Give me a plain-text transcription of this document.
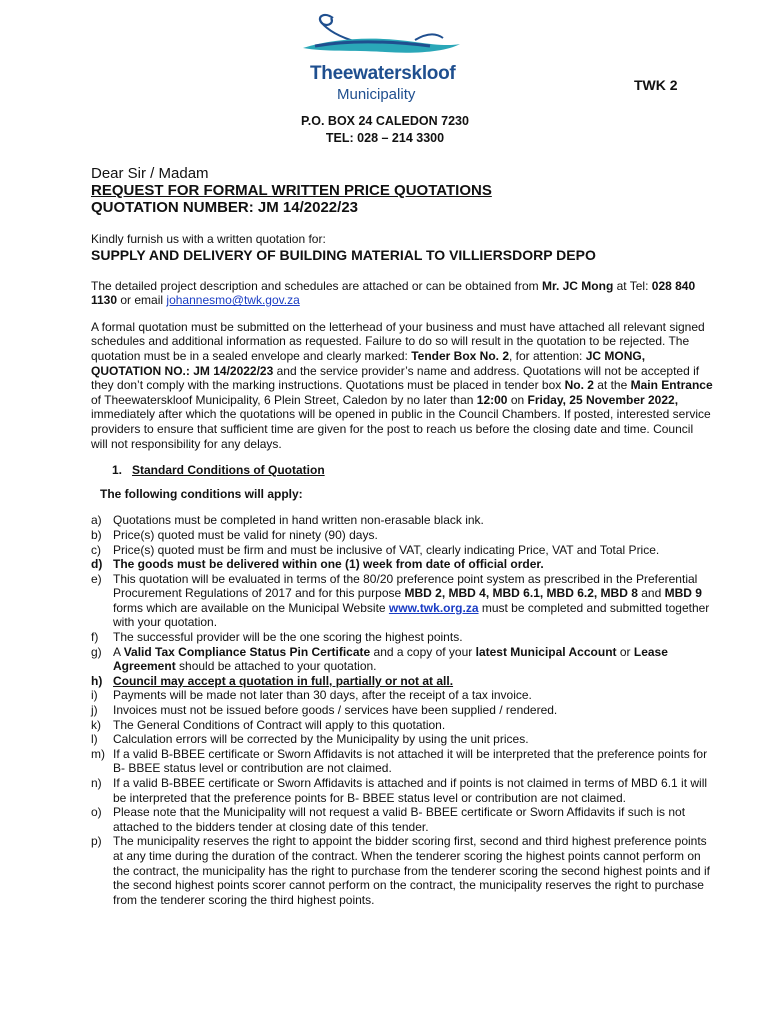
Theewaterskloof
Municipality
TWK 2
P.O. BOX 24 CALEDON 7230
TEL: 028 – 214 3300

Dear Sir / Madam

REQUEST FOR FORMAL WRITTEN PRICE QUOTATIONS

QUOTATION NUMBER: JM 14/2022/23

Kindly furnish us with a written quotation for:

SUPPLY AND DELIVERY OF BUILDING MATERIAL TO VILLIERSDORP DEPO

The detailed project description and schedules are attached or can be obtained from Mr. JC Mong at Tel: 028 840 1130 or email johannesmo@twk.gov.za

A formal quotation must be submitted on the letterhead of your business and must have attached all relevant signed schedules and additional information as requested. Failure to do so will result in the quotation to be rejected. The quotation must be in a sealed envelope and clearly marked: Tender Box No. 2, for attention: JC MONG, QUOTATION NO.: JM 14/2022/23 and the service provider’s name and address. Quotations will not be accepted if they don’t comply with the marking instructions. Quotations must be placed in tender box No. 2 at the Main Entrance of Theewaterskloof Municipality, 6 Plein Street, Caledon by no later than 12:00 on Friday, 25 November 2022, immediately after which the quotations will be opened in public in the Council Chambers. If posted, interested service providers to ensure that sufficient time are given for the post to reach us before the closing date and time. Council will not responsibility for any delays.

1. Standard Conditions of Quotation

The following conditions will apply:

a) Quotations must be completed in hand written non-erasable black ink.
b) Price(s) quoted must be valid for ninety (90) days.
c) Price(s) quoted must be firm and must be inclusive of VAT, clearly indicating Price, VAT and Total Price.
d) The goods must be delivered within one (1) week from date of official order.
e) This quotation will be evaluated in terms of the 80/20 preference point system as prescribed in the Preferential Procurement Regulations of 2017 and for this purpose MBD 2, MBD 4, MBD 6.1, MBD 6.2, MBD 8 and MBD 9 forms which are available on the Municipal Website www.twk.org.za must be completed and submitted together with your quotation.
f) The successful provider will be the one scoring the highest points.
g) A Valid Tax Compliance Status Pin Certificate and a copy of your latest Municipal Account or Lease Agreement should be attached to your quotation.
h) Council may accept a quotation in full, partially or not at all.
i) Payments will be made not later than 30 days, after the receipt of a tax invoice.
j) Invoices must not be issued before goods / services have been supplied / rendered.
k) The General Conditions of Contract will apply to this quotation.
l) Calculation errors will be corrected by the Municipality by using the unit prices.
m) If a valid B-BBEE certificate or Sworn Affidavits is not attached it will be interpreted that the preference points for B- BBEE status level or contribution are not claimed.
n) If a valid B-BBEE certificate or Sworn Affidavits is attached and if points is not claimed in terms of MBD 6.1 it will be interpreted that the preference points for B- BBEE status level or contribution are not claimed.
o) Please note that the Municipality will not request a valid B- BBEE certificate or Sworn Affidavits if such is not attached to the bidders tender at closing date of this tender.
p) The municipality reserves the right to appoint the bidder scoring first, second and third highest preference points at any time during the duration of the contract. When the tenderer scoring the highest points cannot perform on the contract, the municipality has the right to purchase from the tenderer scoring the second highest points and if the second highest points scorer cannot perform on the contract, the municipality reserves the right to purchase from the tenderer scoring the third highest points.
